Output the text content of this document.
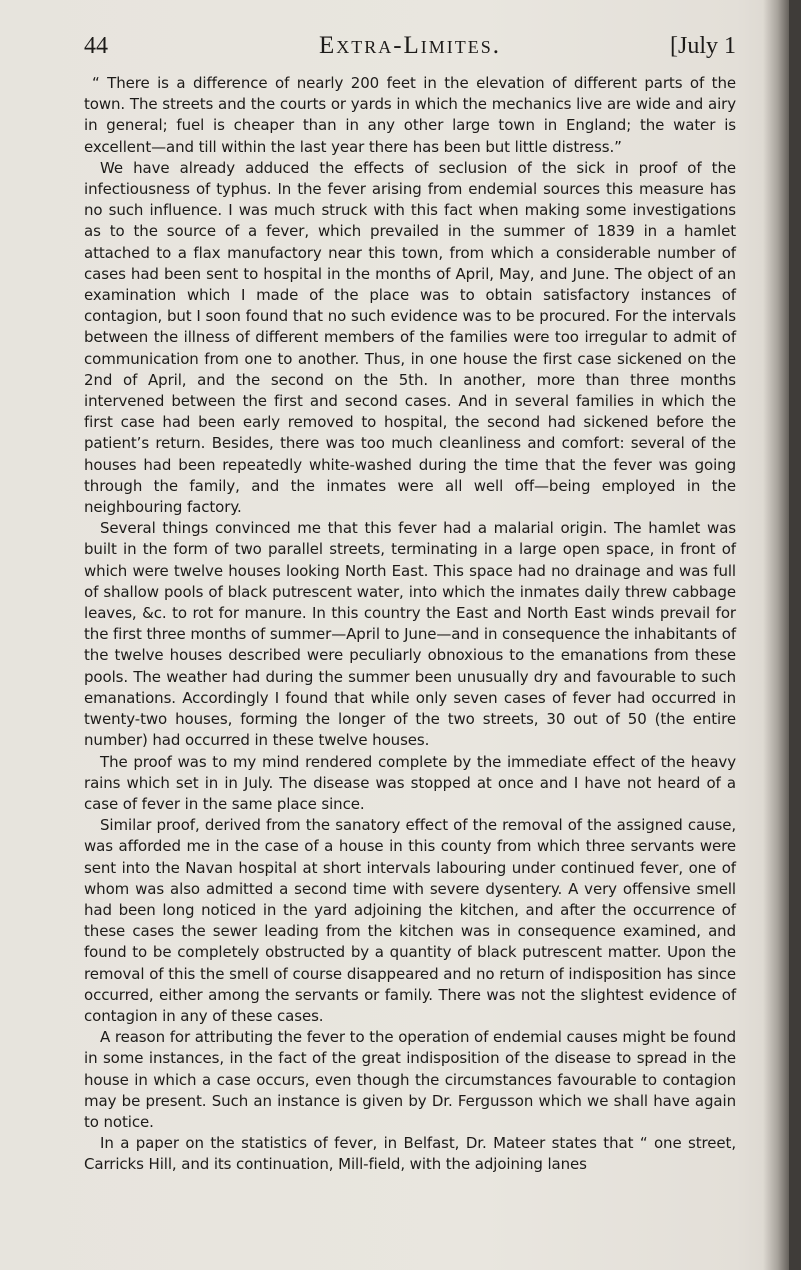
44	Extra-Limites.	[July 1

“ There is a difference of nearly 200 feet in the elevation of different parts of the town. The streets and the courts or yards in which the mechanics live are wide and airy in general; fuel is cheaper than in any other large town in England; the water is excellent—and till within the last year there has been but little distress.”

We have already adduced the effects of seclusion of the sick in proof of the infectiousness of typhus. In the fever arising from endemial sources this measure has no such influence. I was much struck with this fact when making some investigations as to the source of a fever, which prevailed in the summer of 1839 in a hamlet attached to a flax manufactory near this town, from which a considerable number of cases had been sent to hospital in the months of April, May, and June. The object of an examination which I made of the place was to obtain satisfactory instances of contagion, but I soon found that no such evidence was to be procured. For the intervals between the illness of different members of the families were too irregular to admit of communication from one to another. Thus, in one house the first case sickened on the 2nd of April, and the second on the 5th. In another, more than three months intervened between the first and second cases. And in several families in which the first case had been early removed to hospital, the second had sickened before the patient’s return. Besides, there was too much cleanliness and comfort: several of the houses had been repeatedly white-washed during the time that the fever was going through the family, and the inmates were all well off—being employed in the neighbouring factory.

Several things convinced me that this fever had a malarial origin. The hamlet was built in the form of two parallel streets, terminating in a large open space, in front of which were twelve houses looking North East. This space had no drainage and was full of shallow pools of black putrescent water, into which the inmates daily threw cabbage leaves, &c. to rot for manure. In this country the East and North East winds prevail for the first three months of summer—April to June—and in consequence the inhabitants of the twelve houses described were peculiarly obnoxious to the emanations from these pools. The weather had during the summer been unusually dry and favourable to such emanations. Accordingly I found that while only seven cases of fever had occurred in twenty-two houses, forming the longer of the two streets, 30 out of 50 (the entire number) had occurred in these twelve houses.

The proof was to my mind rendered complete by the immediate effect of the heavy rains which set in in July. The disease was stopped at once and I have not heard of a case of fever in the same place since.

Similar proof, derived from the sanatory effect of the removal of the assigned cause, was afforded me in the case of a house in this county from which three servants were sent into the Navan hospital at short intervals labouring under continued fever, one of whom was also admitted a second time with severe dysentery. A very offensive smell had been long noticed in the yard adjoining the kitchen, and after the occurrence of these cases the sewer leading from the kitchen was in consequence examined, and found to be completely obstructed by a quantity of black putrescent matter. Upon the removal of this the smell of course disappeared and no return of indisposition has since occurred, either among the servants or family. There was not the slightest evidence of contagion in any of these cases.

A reason for attributing the fever to the operation of endemial causes might be found in some instances, in the fact of the great indisposition of the disease to spread in the house in which a case occurs, even though the circumstances favourable to contagion may be present. Such an instance is given by Dr. Fergusson which we shall have again to notice.

In a paper on the statistics of fever, in Belfast, Dr. Mateer states that “ one street, Carricks Hill, and its continuation, Mill-field, with the adjoining lanes
